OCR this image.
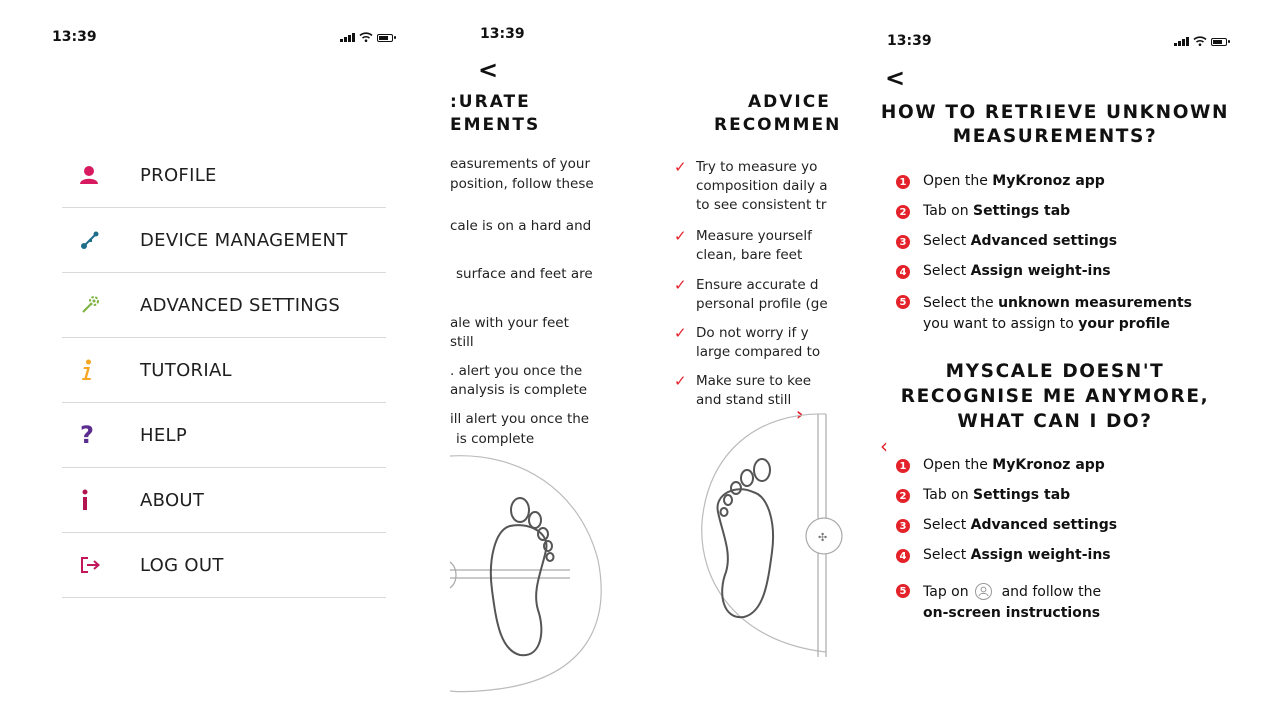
13:39
PROFILE
DEVICE MANAGEMENT
ADVANCED SETTINGS
TUTORIAL
?	HELP
ABOUT
LOG OUT
13:39
<
:URATE
EMENTS
easurements of your
position, follow these
cale is on a hard and
surface and feet are
ale with your feet
still
. alert you once the
analysis is complete
ill alert you once the
is complete
ADVICE
RECOMMEN
✓ Try to measure yo
composition daily a
to see consistent tr
✓ Measure yourself
clean, bare feet
✓ Ensure accurate d
personal profile (ge
✓ Do not worry if y
large compared to
✓ Make sure to kee
and stand still
›
✣
13:39
<
HOW TO RETRIEVE UNKNOWN
MEASUREMENTS?
1 Open the MyKronoz app
2 Tab on Settings tab
3 Select Advanced settings
4 Select Assign weight-ins
5 Select the unknown measurements
you want to assign to your profile
MYSCALE DOESN'T
RECOGNISE ME ANYMORE,
WHAT CAN I DO?
‹
1 Open the MyKronoz app
2 Tab on Settings tab
3 Select Advanced settings
4 Select Assign weight-ins
5 Tap on and follow the
on-screen instructions
